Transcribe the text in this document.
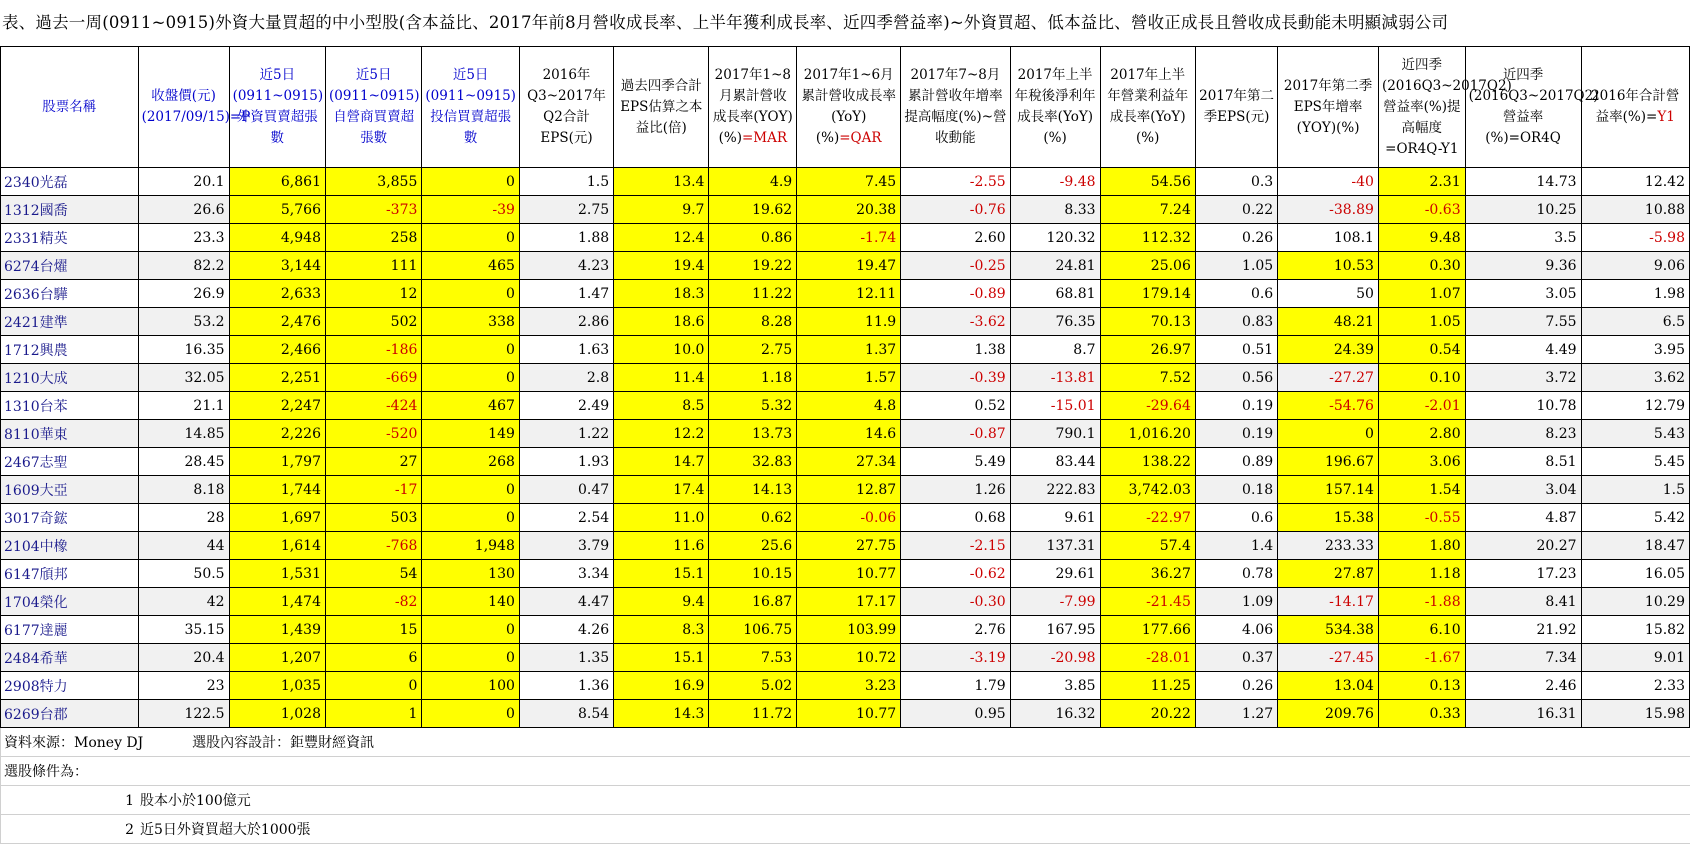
表、過去一周(0911~0915)外資大量買超的中小型股(含本益比、2017年前8月營收成長率、上半年獲利成長率、近四季營益率)~外資買超、低本益比、營收正成長且營收成長動能未明顯減弱公司
股票名稱	收盤價(元)(2017/09/15)=P	近5日(0911~0915)外資買賣超張數	近5日(0911~0915)自營商買賣超張數	近5日(0911~0915)投信買賣超張數	2016年Q3~2017年Q2合計EPS(元)	過去四季合計EPS估算之本益比(倍)	2017年1~8月累計營收成長率(YOY)(%)=MAR	2017年1~6月累計營收成長率(YoY)(%)=QAR	2017年7~8月累計營收年增率提高幅度(%)~營收動能	2017年上半年稅後淨利年成長率(YoY)(%)	2017年上半年營業利益年成長率(YoY)(%)	2017年第二季EPS(元)	2017年第二季EPS年增率(YOY)(%)	近四季(2016Q3~2017Q2)營益率(%)提高幅度=OR4Q-Y1	近四季(2016Q3~2017Q2)營益率(%)=OR4Q	2016年合計營益率(%)=Y1
2340光磊	20.1	6,861	3,855	0	1.5	13.4	4.9	7.45	-2.55	-9.48	54.56	0.3	-40	2.31	14.73	12.42
1312國喬	26.6	5,766	-373	-39	2.75	9.7	19.62	20.38	-0.76	8.33	7.24	0.22	-38.89	-0.63	10.25	10.88
2331精英	23.3	4,948	258	0	1.88	12.4	0.86	-1.74	2.60	120.32	112.32	0.26	108.1	9.48	3.5	-5.98
6274台燿	82.2	3,144	111	465	4.23	19.4	19.22	19.47	-0.25	24.81	25.06	1.05	10.53	0.30	9.36	9.06
2636台驊	26.9	2,633	12	0	1.47	18.3	11.22	12.11	-0.89	68.81	179.14	0.6	50	1.07	3.05	1.98
2421建準	53.2	2,476	502	338	2.86	18.6	8.28	11.9	-3.62	76.35	70.13	0.83	48.21	1.05	7.55	6.5
1712興農	16.35	2,466	-186	0	1.63	10.0	2.75	1.37	1.38	8.7	26.97	0.51	24.39	0.54	4.49	3.95
1210大成	32.05	2,251	-669	0	2.8	11.4	1.18	1.57	-0.39	-13.81	7.52	0.56	-27.27	0.10	3.72	3.62
1310台苯	21.1	2,247	-424	467	2.49	8.5	5.32	4.8	0.52	-15.01	-29.64	0.19	-54.76	-2.01	10.78	12.79
8110華東	14.85	2,226	-520	149	1.22	12.2	13.73	14.6	-0.87	790.1	1,016.20	0.19	0	2.80	8.23	5.43
2467志聖	28.45	1,797	27	268	1.93	14.7	32.83	27.34	5.49	83.44	138.22	0.89	196.67	3.06	8.51	5.45
1609大亞	8.18	1,744	-17	0	0.47	17.4	14.13	12.87	1.26	222.83	3,742.03	0.18	157.14	1.54	3.04	1.5
3017奇鋐	28	1,697	503	0	2.54	11.0	0.62	-0.06	0.68	9.61	-22.97	0.6	15.38	-0.55	4.87	5.42
2104中橡	44	1,614	-768	1,948	3.79	11.6	25.6	27.75	-2.15	137.31	57.4	1.4	233.33	1.80	20.27	18.47
6147頎邦	50.5	1,531	54	130	3.34	15.1	10.15	10.77	-0.62	29.61	36.27	0.78	27.87	1.18	17.23	16.05
1704榮化	42	1,474	-82	140	4.47	9.4	16.87	17.17	-0.30	-7.99	-21.45	1.09	-14.17	-1.88	8.41	10.29
6177達麗	35.15	1,439	15	0	4.26	8.3	106.75	103.99	2.76	167.95	177.66	4.06	534.38	6.10	21.92	15.82
2484希華	20.4	1,207	6	0	1.35	15.1	7.53	10.72	-3.19	-20.98	-28.01	0.37	-27.45	-1.67	7.34	9.01
2908特力	23	1,035	0	100	1.36	16.9	5.02	3.23	1.79	3.85	11.25	0.26	13.04	0.13	2.46	2.33
6269台郡	122.5	1,028	1	0	8.54	14.3	11.72	10.77	0.95	16.32	20.22	1.27	209.76	0.33	16.31	15.98
資料來源：Money DJ 選股內容設計：鉅豐財經資訊																
選股條件為：																
1 股本小於100億元																
2 近5日外資買超大於1000張																
